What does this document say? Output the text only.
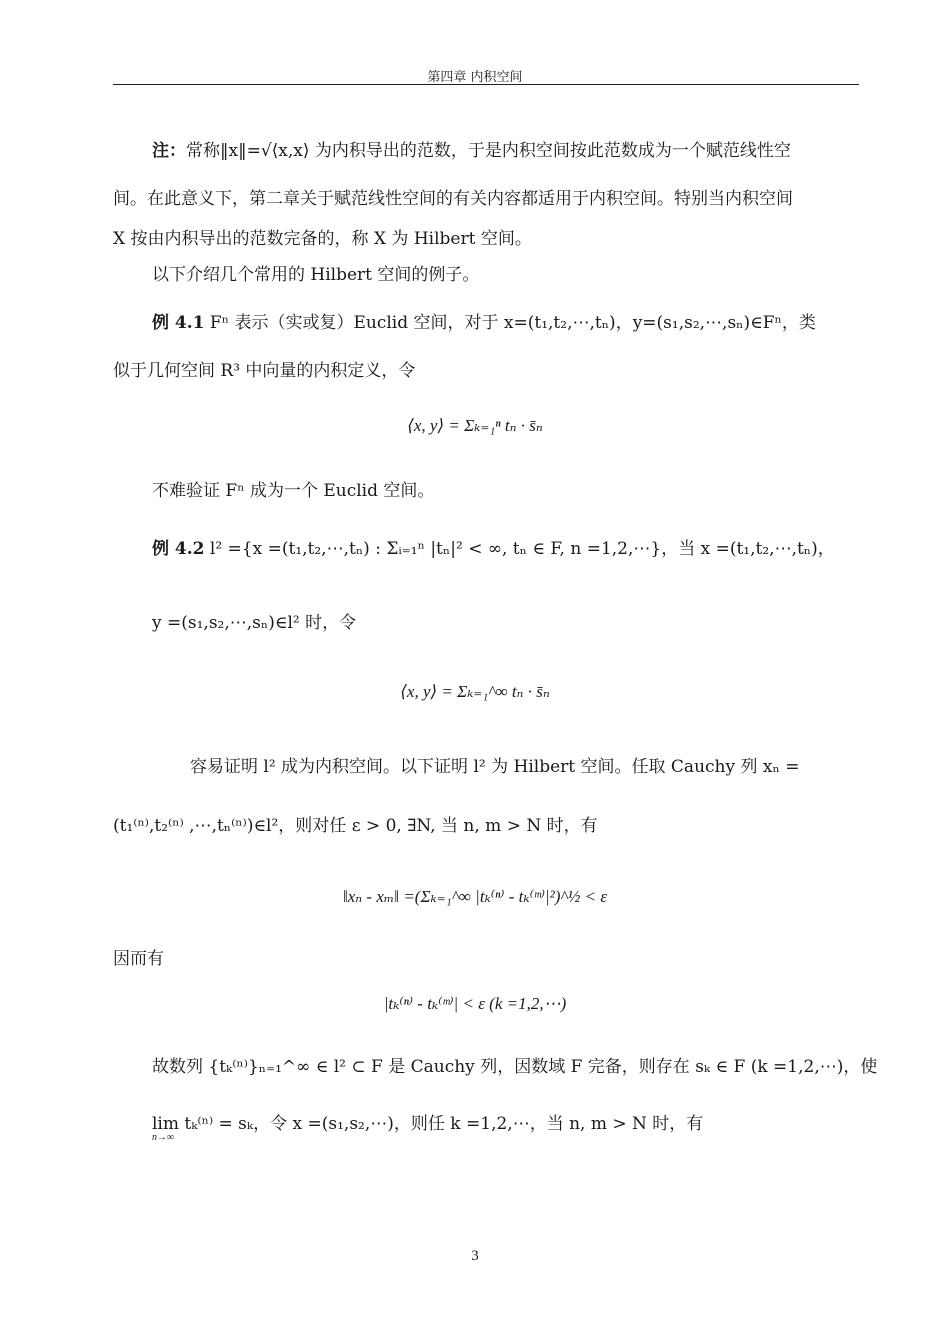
第四章 内积空间
注：常称‖x‖=√⟨x,x⟩ 为内积导出的范数，于是内积空间按此范数成为一个赋范线性空
间。在此意义下，第二章关于赋范线性空间的有关内容都适用于内积空间。特别当内积空间
X 按由内积导出的范数完备的，称 X 为 Hilbert 空间。
以下介绍几个常用的 Hilbert 空间的例子。
例 4.1 Fⁿ 表示（实或复）Euclid 空间，对于 x=(t₁,t₂,⋯,tₙ)，y=(s₁,s₂,⋯,sₙ)∈Fⁿ，类
似于几何空间 R³ 中向量的内积定义，令
⟨x, y⟩ = Σₖ₌₁ⁿ tₙ · s̄ₙ
不难验证 Fⁿ 成为一个 Euclid 空间。
例 4.2 l² ={x =(t₁,t₂,⋯,tₙ) : Σᵢ₌₁ⁿ |tₙ|² < ∞, tₙ ∈ F, n =1,2,⋯}，当 x =(t₁,t₂,⋯,tₙ)，
y =(s₁,s₂,⋯,sₙ)∈l² 时，令
⟨x, y⟩ = Σₖ₌₁^∞ tₙ · s̄ₙ
容易证明 l² 成为内积空间。以下证明 l² 为 Hilbert 空间。任取 Cauchy 列 xₙ =
(t₁⁽ⁿ⁾,t₂⁽ⁿ⁾ ,⋯,tₙ⁽ⁿ⁾)∈l²，则对任 ε > 0, ∃N, 当 n, m > N 时，有
‖xₙ - xₘ‖ =(Σₖ₌₁^∞ |tₖ⁽ⁿ⁾ - tₖ⁽ᵐ⁾|²)^½ < ε
因而有
|tₖ⁽ⁿ⁾ - tₖ⁽ᵐ⁾| < ε (k =1,2,⋯)
故数列 {tₖ⁽ⁿ⁾}ₙ₌₁^∞ ∈ l² ⊂ F 是 Cauchy 列，因数域 F 完备，则存在 sₖ ∈ F (k =1,2,⋯)，使
lim tₖ⁽ⁿ⁾ = sₖ，令 x =(s₁,s₂,⋯)，则任 k =1,2,⋯，当 n, m > N 时，有
n→∞
3
